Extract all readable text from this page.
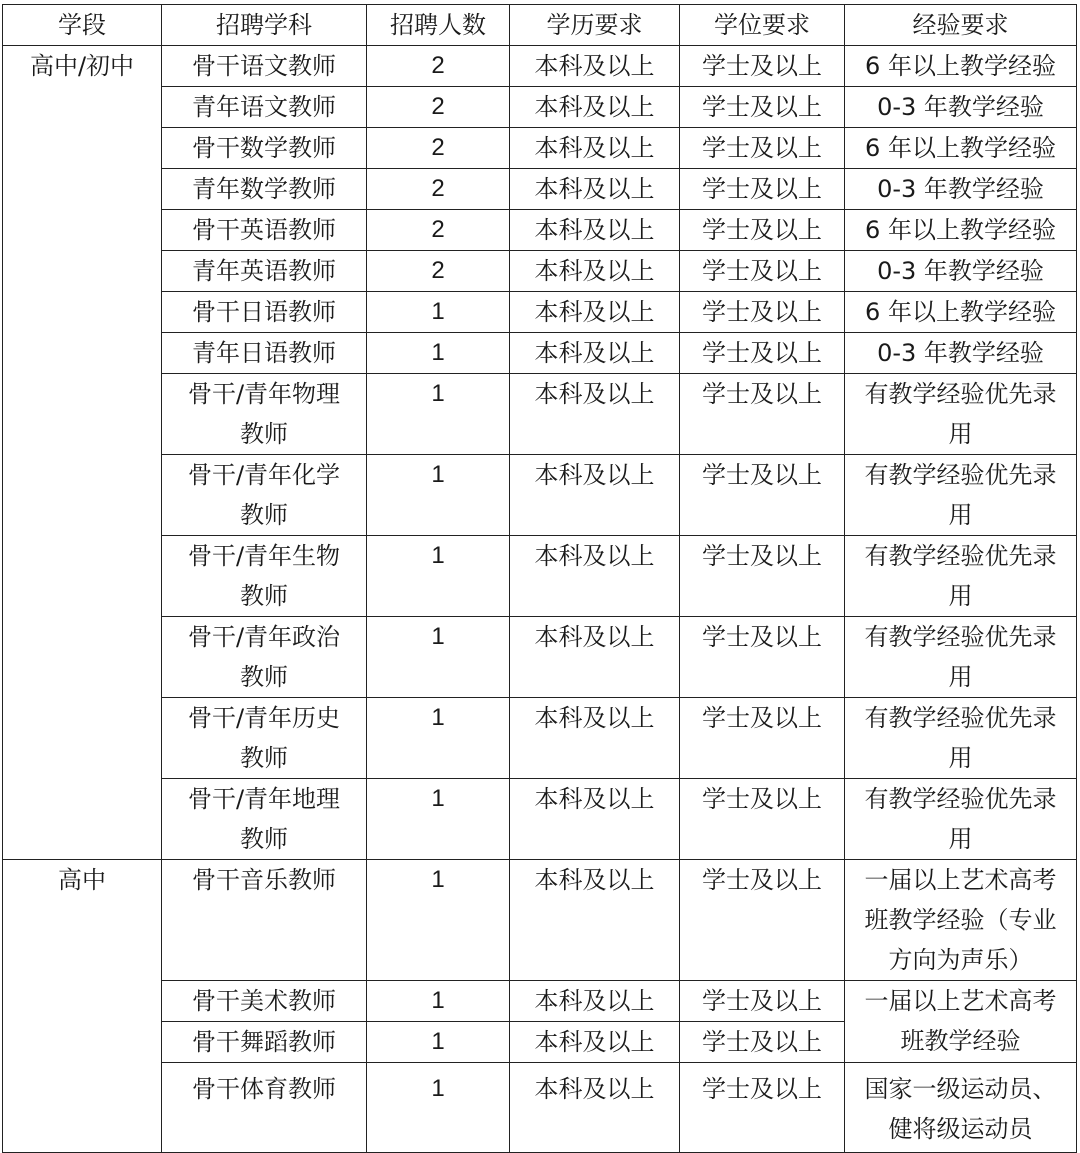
学段	招聘学科	招聘人数	学历要求	学位要求	经验要求
高中/初中	骨干语文教师	2	本科及以上	学士及以上	6 年以上教学经验
	青年语文教师	2	本科及以上	学士及以上	0-3 年教学经验
	骨干数学教师	2	本科及以上	学士及以上	6 年以上教学经验
	青年数学教师	2	本科及以上	学士及以上	0-3 年教学经验
	骨干英语教师	2	本科及以上	学士及以上	6 年以上教学经验
	青年英语教师	2	本科及以上	学士及以上	0-3 年教学经验
	骨干日语教师	1	本科及以上	学士及以上	6 年以上教学经验
	青年日语教师	1	本科及以上	学士及以上	0-3 年教学经验
	骨干/青年物理教师	1	本科及以上	学士及以上	有教学经验优先录用
	骨干/青年化学教师	1	本科及以上	学士及以上	有教学经验优先录用
	骨干/青年生物教师	1	本科及以上	学士及以上	有教学经验优先录用
	骨干/青年政治教师	1	本科及以上	学士及以上	有教学经验优先录用
	骨干/青年历史教师	1	本科及以上	学士及以上	有教学经验优先录用
	骨干/青年地理教师	1	本科及以上	学士及以上	有教学经验优先录用
高中	骨干音乐教师	1	本科及以上	学士及以上	一届以上艺术高考班教学经验（专业方向为声乐）
	骨干美术教师	1	本科及以上	学士及以上	一届以上艺术高考班教学经验
	骨干舞蹈教师	1	本科及以上	学士及以上	
	骨干体育教师	1	本科及以上	学士及以上	国家一级运动员、健将级运动员
